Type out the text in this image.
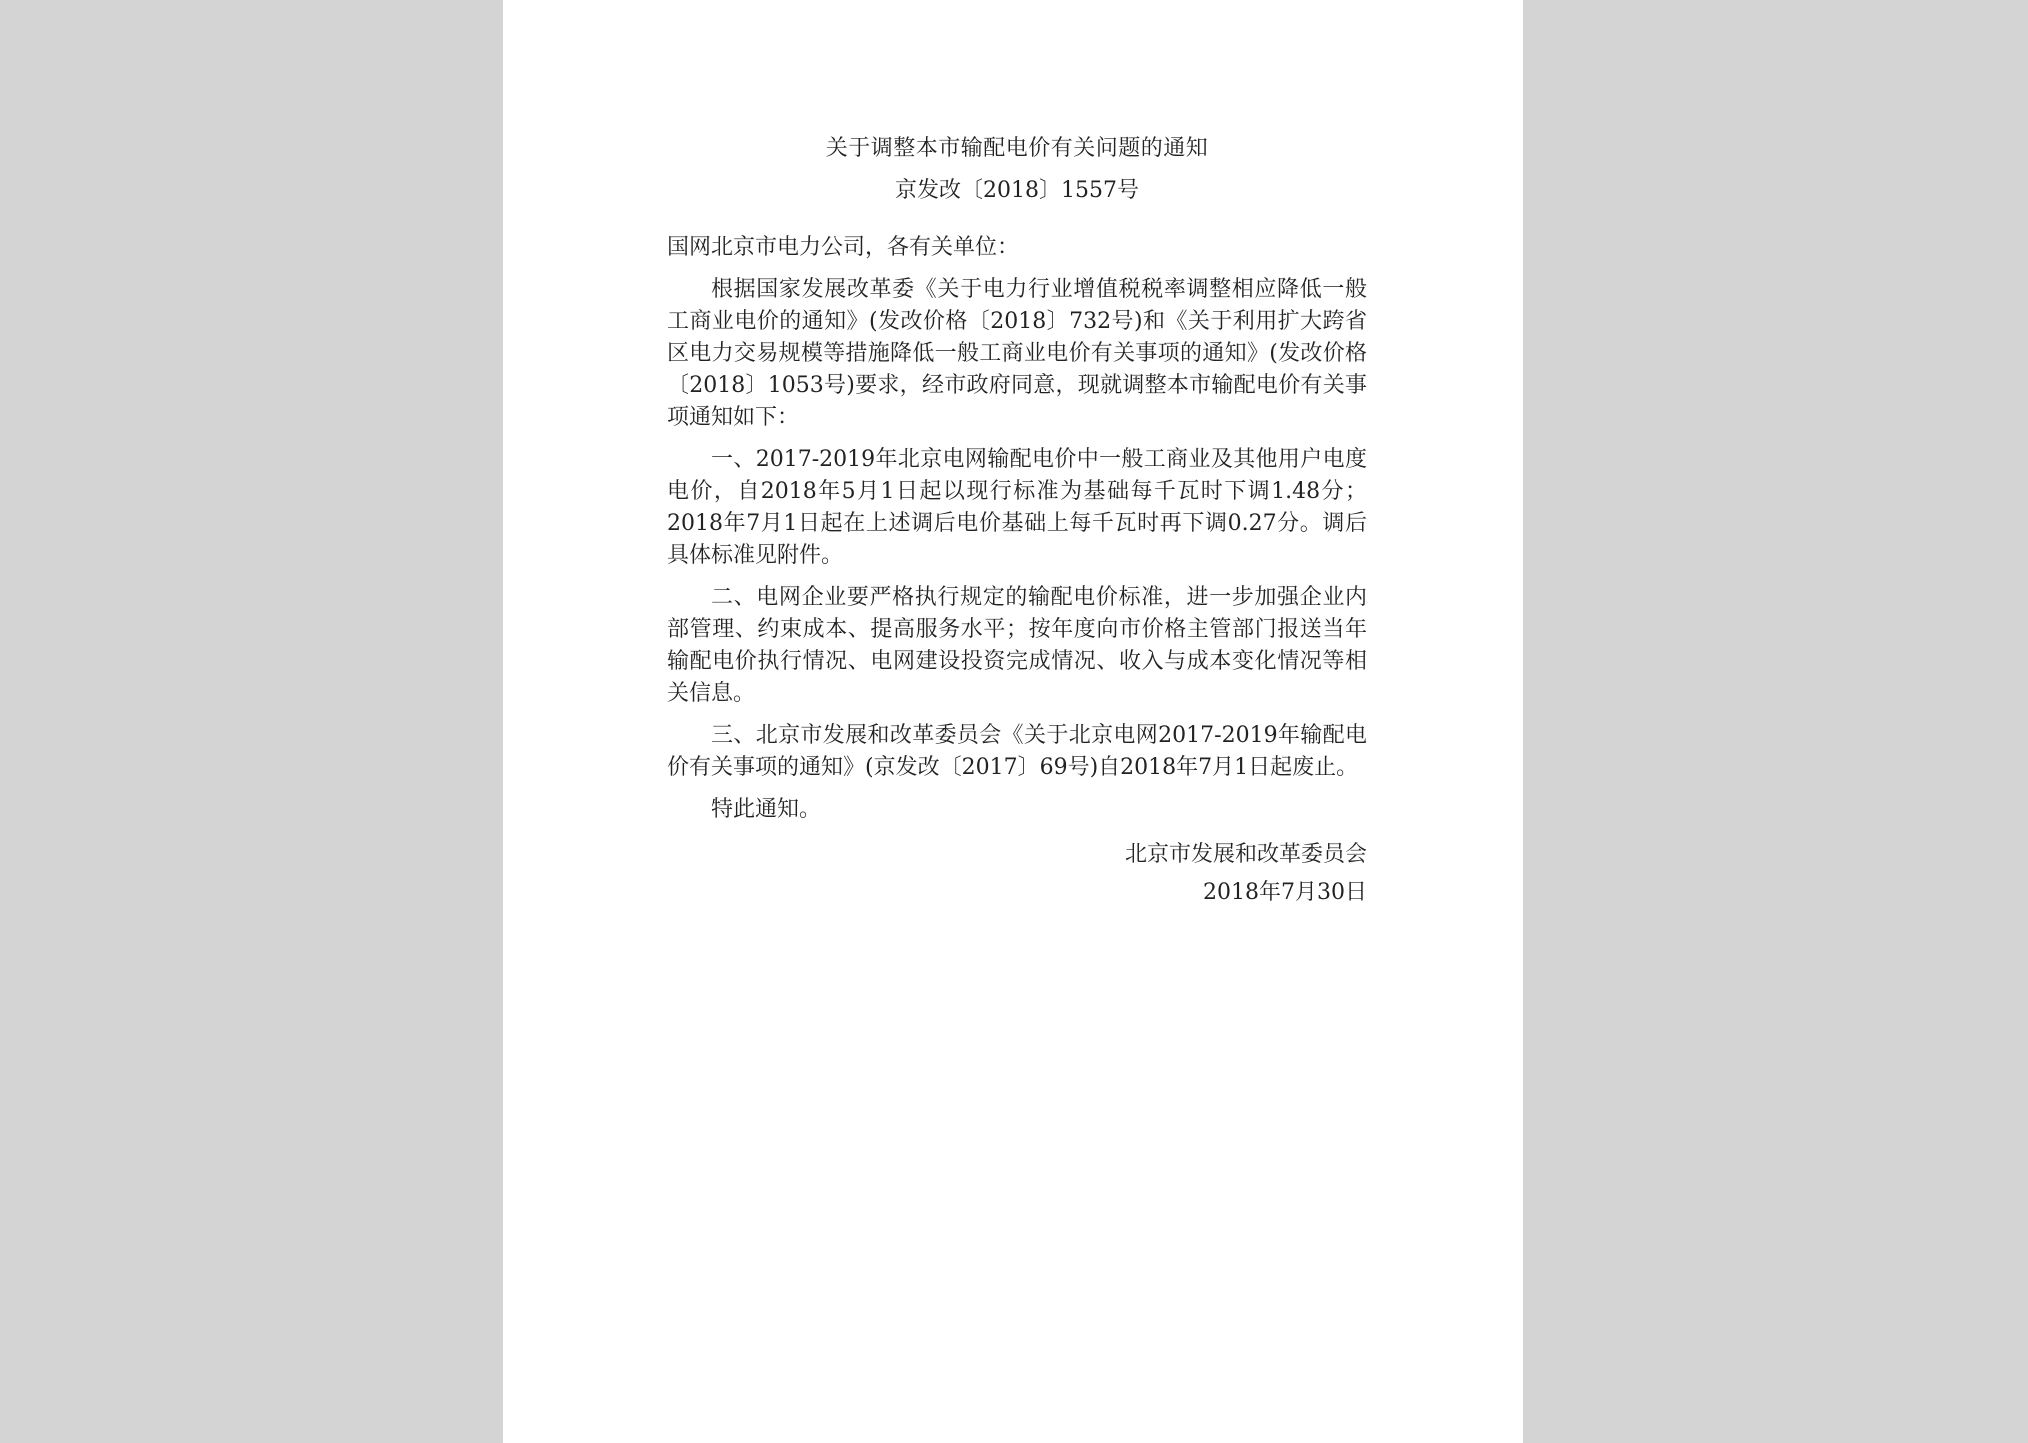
关于调整本市输配电价有关问题的通知
京发改〔2018〕1557号

国网北京市电力公司，各有关单位：

根据国家发展改革委《关于电力行业增值税税率调整相应降低一般工商业电价的通知》(发改价格〔2018〕732号)和《关于利用扩大跨省区电力交易规模等措施降低一般工商业电价有关事项的通知》(发改价格〔2018〕1053号)要求，经市政府同意，现就调整本市输配电价有关事项通知如下：

一、2017-2019年北京电网输配电价中一般工商业及其他用户电度电价，自2018年5月1日起以现行标准为基础每千瓦时下调1.48分；2018年7月1日起在上述调后电价基础上每千瓦时再下调0.27分。调后具体标准见附件。

二、电网企业要严格执行规定的输配电价标准，进一步加强企业内部管理、约束成本、提高服务水平；按年度向市价格主管部门报送当年输配电价执行情况、电网建设投资完成情况、收入与成本变化情况等相关信息。

三、北京市发展和改革委员会《关于北京电网2017-2019年输配电价有关事项的通知》(京发改〔2017〕69号)自2018年7月1日起废止。

特此通知。

北京市发展和改革委员会
2018年7月30日
